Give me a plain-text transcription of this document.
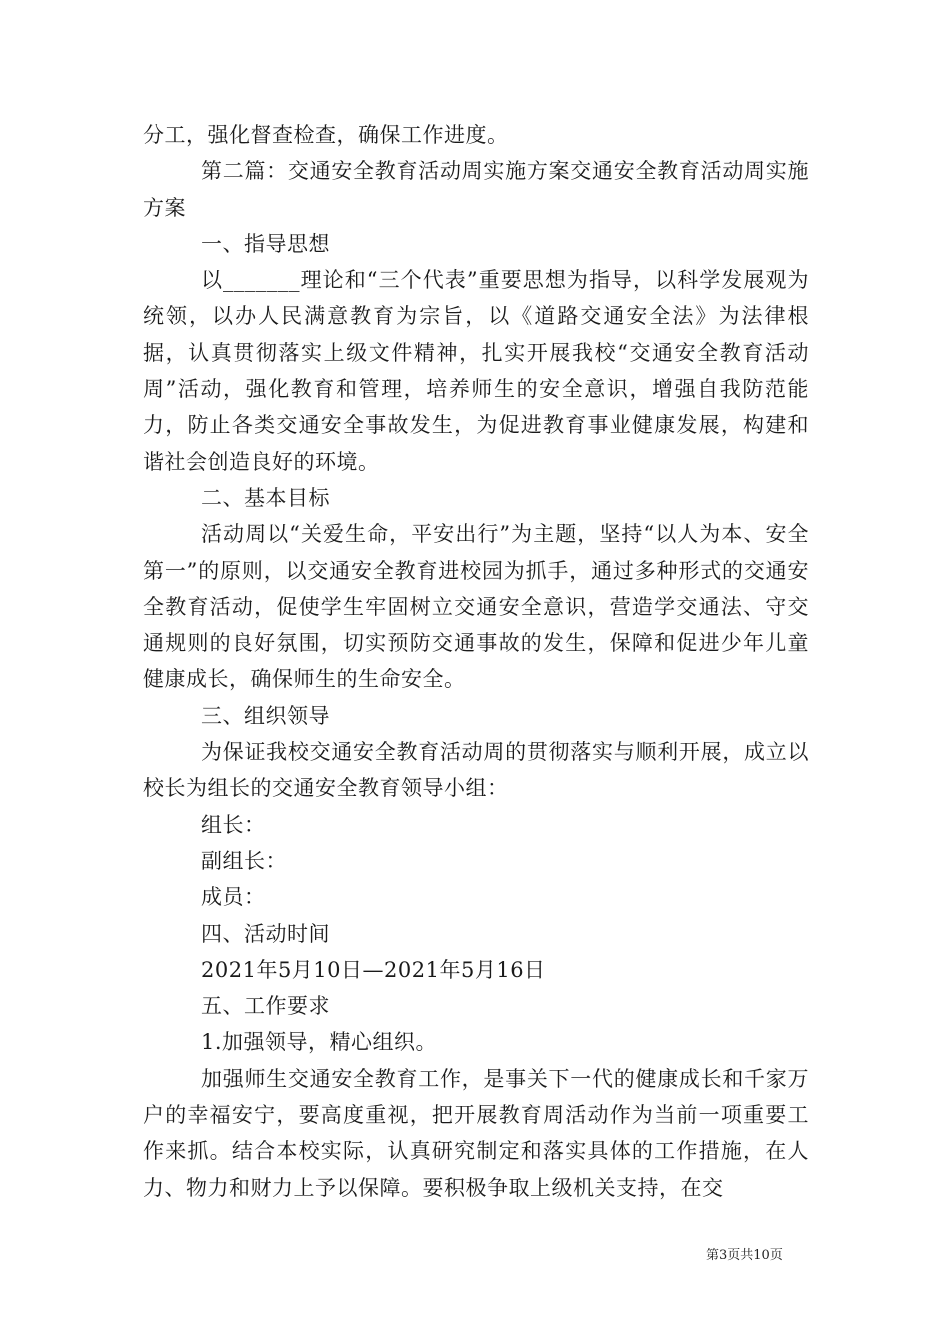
分工，强化督查检查，确保工作进度。

第二篇：交通安全教育活动周实施方案交通安全教育活动周实施方案

一、指导思想

以_______理论和“三个代表”重要思想为指导，以科学发展观为统领，以办人民满意教育为宗旨，以《道路交通安全法》为法律根据，认真贯彻落实上级文件精神，扎实开展我校“交通安全教育活动周”活动，强化教育和管理，培养师生的安全意识，增强自我防范能力，防止各类交通安全事故发生，为促进教育事业健康发展，构建和谐社会创造良好的环境。

二、基本目标

活动周以“关爱生命，平安出行”为主题，坚持“以人为本、安全第一”的原则，以交通安全教育进校园为抓手，通过多种形式的交通安全教育活动，促使学生牢固树立交通安全意识，营造学交通法、守交通规则的良好氛围，切实预防交通事故的发生，保障和促进少年儿童健康成长，确保师生的生命安全。

三、组织领导

为保证我校交通安全教育活动周的贯彻落实与顺利开展，成立以校长为组长的交通安全教育领导小组：

组长：

副组长：

成员：

四、活动时间

2021年5月10日—2021年5月16日

五、工作要求

1.加强领导，精心组织。

加强师生交通安全教育工作，是事关下一代的健康成长和千家万户的幸福安宁，要高度重视，把开展教育周活动作为当前一项重要工作来抓。结合本校实际，认真研究制定和落实具体的工作措施，在人力、物力和财力上予以保障。要积极争取上级机关支持，在交

第3页共10页
